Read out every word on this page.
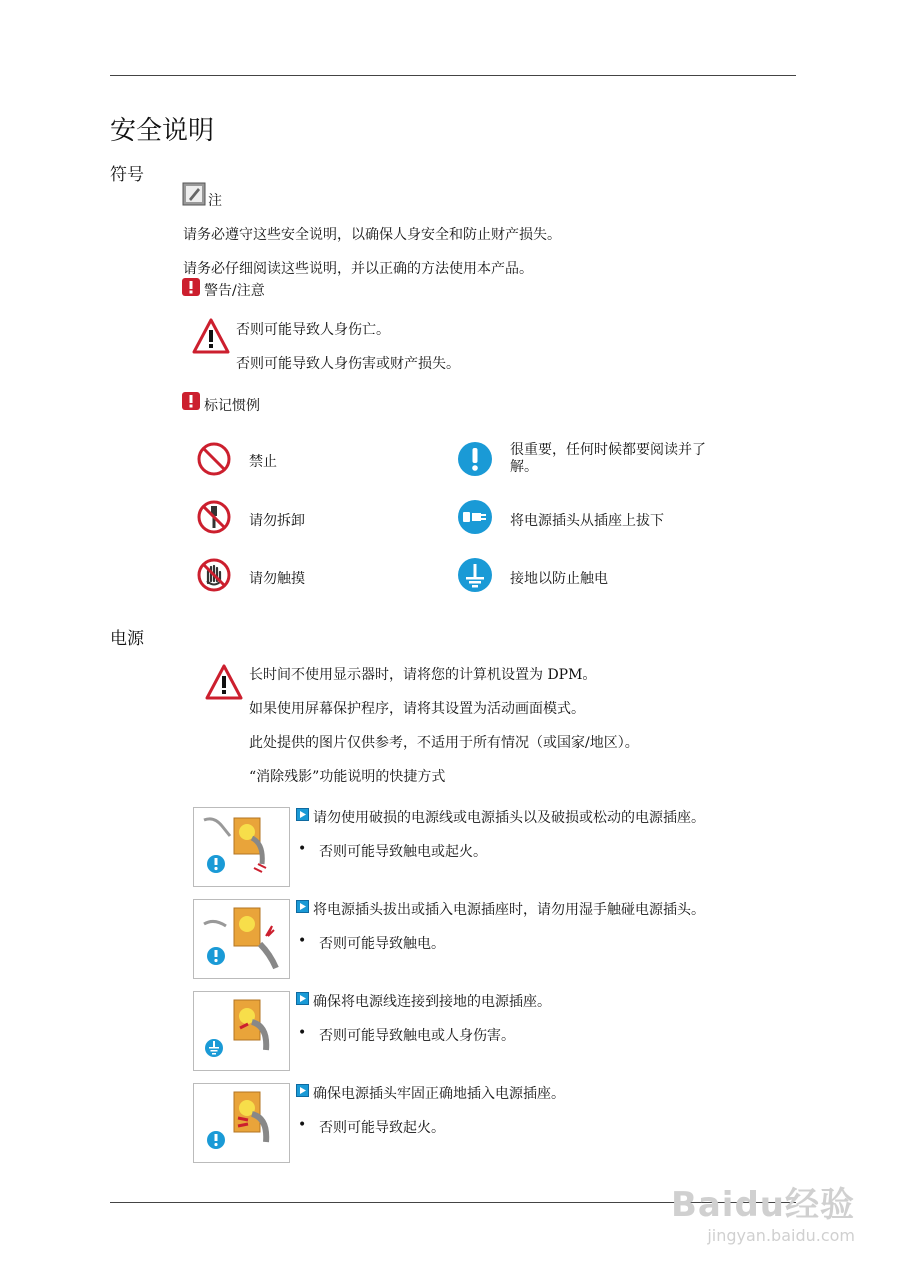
安全说明
符号
注
请务必遵守这些安全说明，以确保人身安全和防止财产损失。
请务必仔细阅读这些说明，并以正确的方法使用本产品。
警告/注意
否则可能导致人身伤亡。
否则可能导致人身伤害或财产损失。
标记惯例
禁止
很重要，任何时候都要阅读并了解。
请勿拆卸	将电源插头从插座上拔下
请勿触摸	接地以防止触电
电源
长时间不使用显示器时，请将您的计算机设置为 DPM。
如果使用屏幕保护程序，请将其设置为活动画面模式。
此处提供的图片仅供参考，不适用于所有情况（或国家/地区）。
“消除残影”功能说明的快捷方式
请勿使用破损的电源线或电源插头以及破损或松动的电源插座。
• 否则可能导致触电或起火。
将电源插头拔出或插入电源插座时，请勿用湿手触碰电源插头。
• 否则可能导致触电。
确保将电源线连接到接地的电源插座。
• 否则可能导致触电或人身伤害。
确保电源插头牢固正确地插入电源插座。
• 否则可能导致起火。
Baidu经验
jingyan.baidu.com
